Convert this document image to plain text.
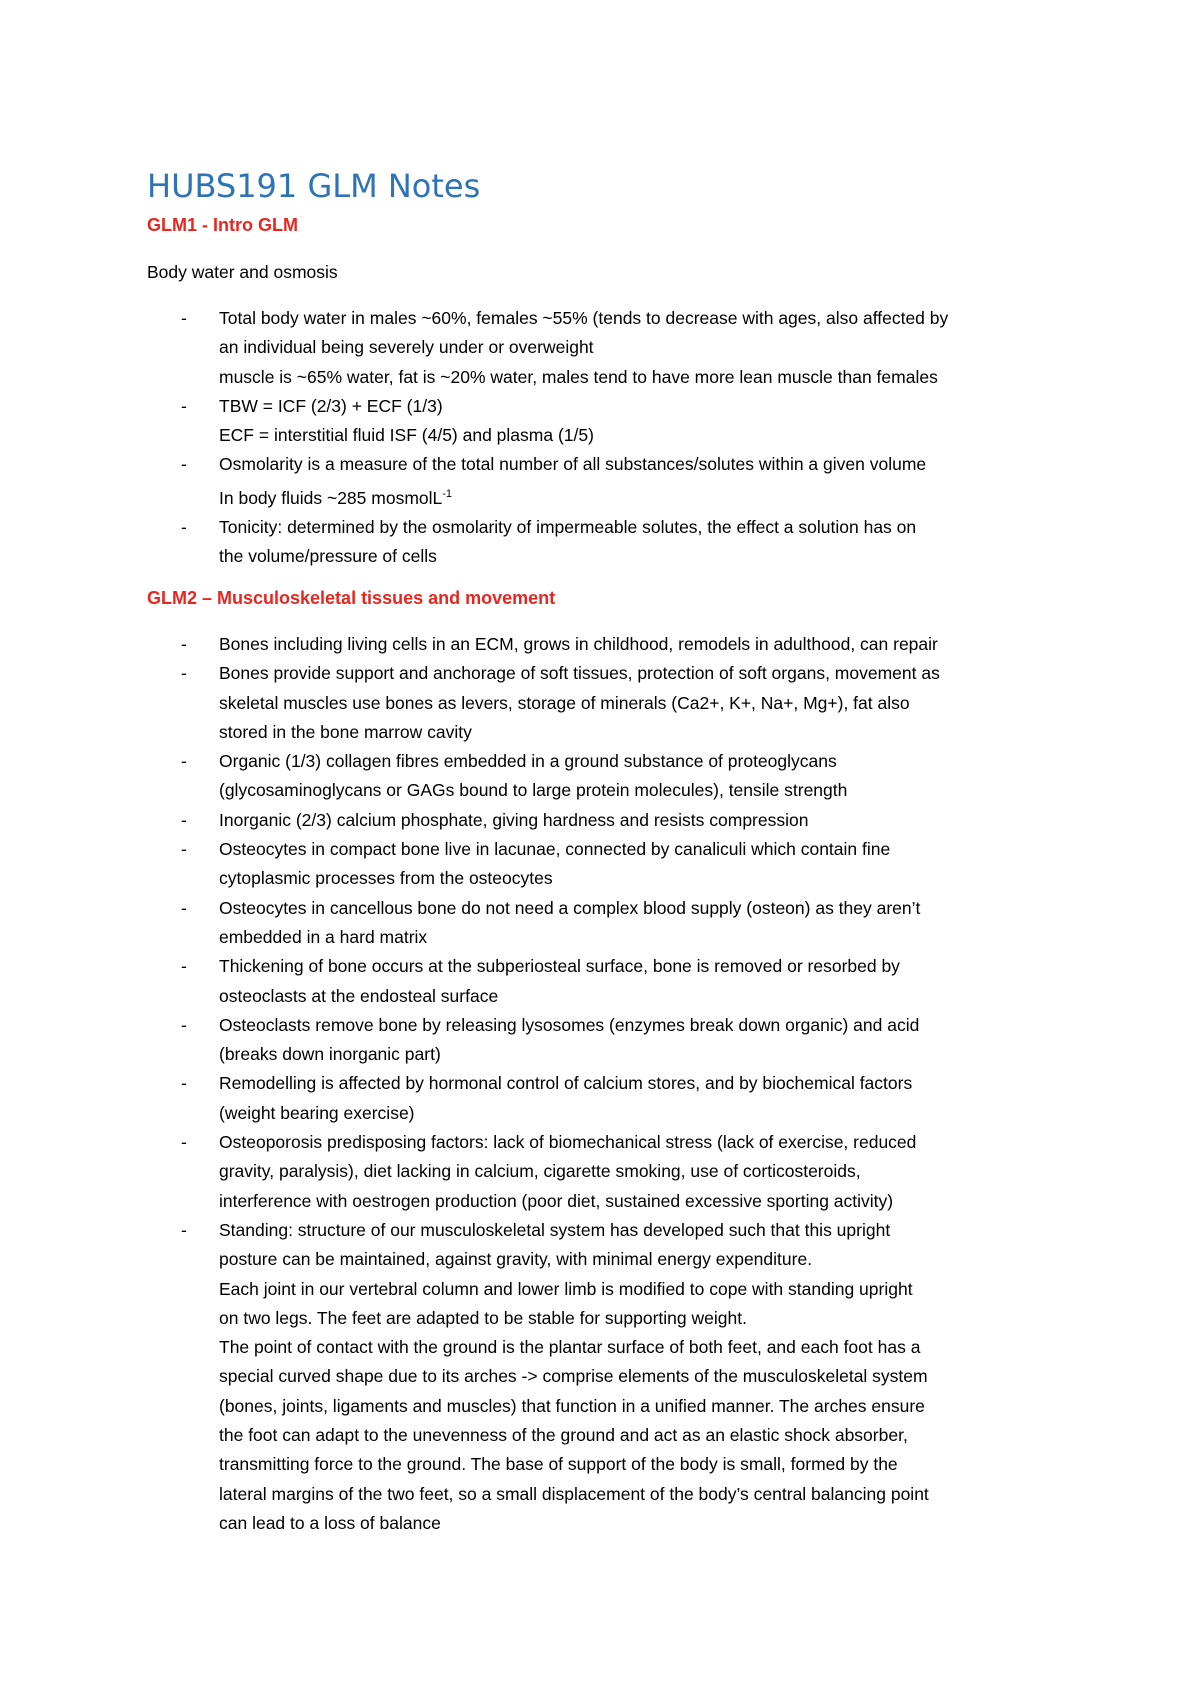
HUBS191 GLM Notes
GLM1 - Intro GLM

Body water and osmosis

- Total body water in males ~60%, females ~55% (tends to decrease with ages, also affected by
an individual being severely under or overweight
muscle is ~65% water, fat is ~20% water, males tend to have more lean muscle than females
- TBW = ICF (2/3) + ECF (1/3)
ECF = interstitial fluid ISF (4/5) and plasma (1/5)
- Osmolarity is a measure of the total number of all substances/solutes within a given volume
In body fluids ~285 mosmolL$^{-1}$
- Tonicity: determined by the osmolarity of impermeable solutes, the effect a solution has on
the volume/pressure of cells
GLM2 – Musculoskeletal tissues and movement
- Bones including living cells in an ECM, grows in childhood, remodels in adulthood, can repair
- Bones provide support and anchorage of soft tissues, protection of soft organs, movement as
skeletal muscles use bones as levers, storage of minerals (Ca2+, K+, Na+, Mg+), fat also
stored in the bone marrow cavity
- Organic (1/3) collagen fibres embedded in a ground substance of proteoglycans
(glycosaminoglycans or GAGs bound to large protein molecules), tensile strength
- Inorganic (2/3) calcium phosphate, giving hardness and resists compression
- Osteocytes in compact bone live in lacunae, connected by canaliculi which contain fine
cytoplasmic processes from the osteocytes
- Osteocytes in cancellous bone do not need a complex blood supply (osteon) as they aren’t
embedded in a hard matrix
- Thickening of bone occurs at the subperiosteal surface, bone is removed or resorbed by
osteoclasts at the endosteal surface
- Osteoclasts remove bone by releasing lysosomes (enzymes break down organic) and acid
(breaks down inorganic part)
- Remodelling is affected by hormonal control of calcium stores, and by biochemical factors
(weight bearing exercise)
- Osteoporosis predisposing factors: lack of biomechanical stress (lack of exercise, reduced
gravity, paralysis), diet lacking in calcium, cigarette smoking, use of corticosteroids,
interference with oestrogen production (poor diet, sustained excessive sporting activity)
- Standing: structure of our musculoskeletal system has developed such that this upright
posture can be maintained, against gravity, with minimal energy expenditure.
Each joint in our vertebral column and lower limb is modified to cope with standing upright
on two legs. The feet are adapted to be stable for supporting weight.
The point of contact with the ground is the plantar surface of both feet, and each foot has a
special curved shape due to its arches -> comprise elements of the musculoskeletal system
(bones, joints, ligaments and muscles) that function in a unified manner. The arches ensure
the foot can adapt to the unevenness of the ground and act as an elastic shock absorber,
transmitting force to the ground. The base of support of the body is small, formed by the
lateral margins of the two feet, so a small displacement of the body’s central balancing point
can lead to a loss of balance
